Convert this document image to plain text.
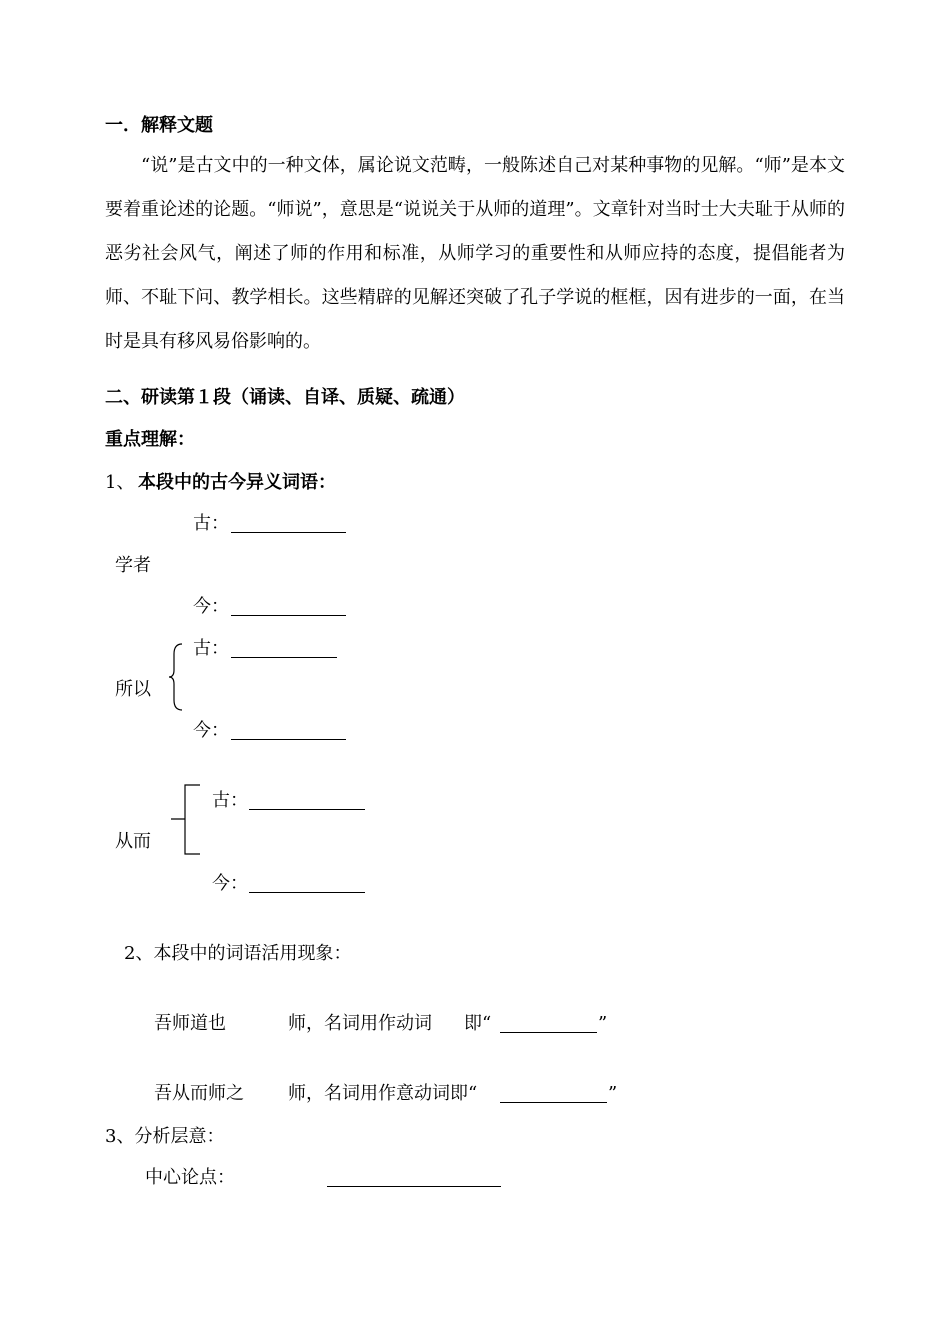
一．解释文题
“说”是古文中的一种文体，属论说文范畴，一般陈述自己对某种事物的见解。“师”是本文要着重论述的论题。“师说”，意思是“说说关于从师的道理”。文章针对当时士大夫耻于从师的恶劣社会风气，阐述了师的作用和标准，从师学习的重要性和从师应持的态度，提倡能者为师、不耻下问、教学相长。这些精辟的见解还突破了孔子学说的框框，因有进步的一面，在当时是具有移风易俗影响的。
二、研读第１段（诵读、自译、质疑、疏通）
重点理解：
1、 本段中的古今异义词语：
古：
学者
今：
古：
所以
今：
古：
从而
今：
2、本段中的词语活用现象：
吾师道也	师，名词用作动词 即“	”
吾从而师之 师，名词用作意动词即“	”
3、分析层意：
中心论点：
